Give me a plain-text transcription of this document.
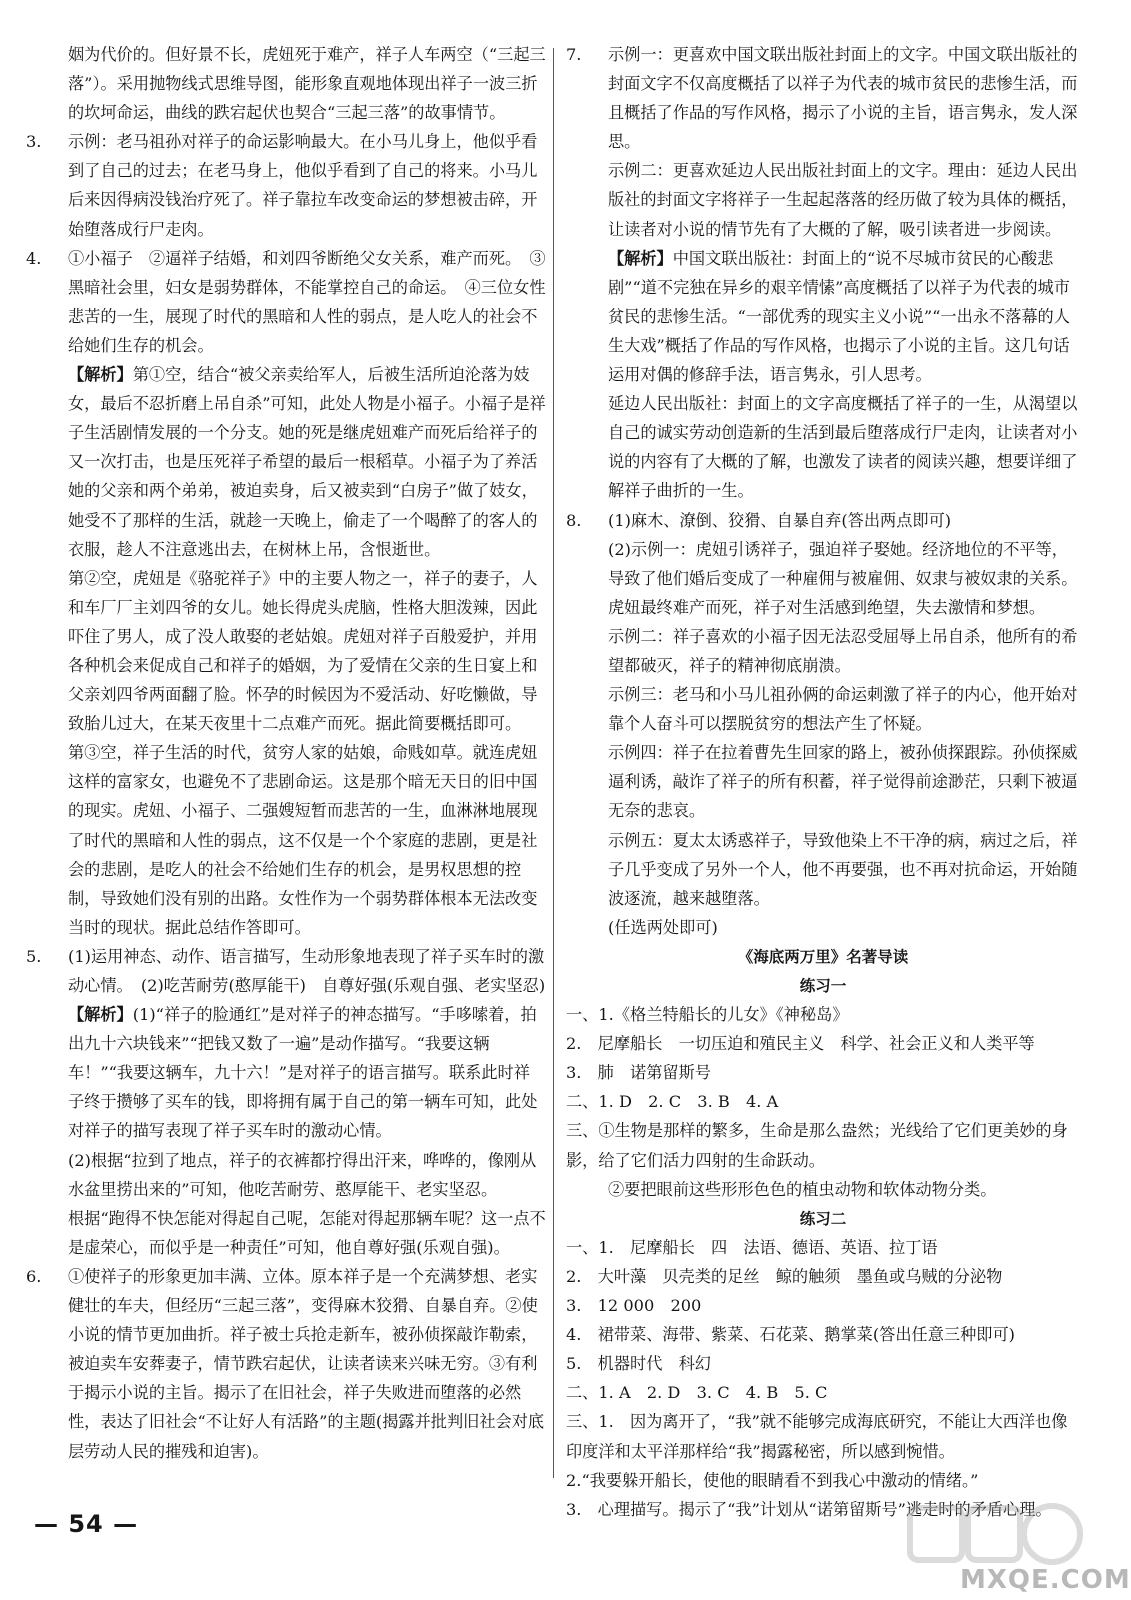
姻为代价的。但好景不长，虎妞死于难产，祥子人车两空（“三起三落”）。采用抛物线式思维导图，能形象直观地体现出祥子一波三折的坎坷命运，曲线的跌宕起伏也契合“三起三落”的故事情节。

3.	示例：老马祖孙对祥子的命运影响最大。在小马儿身上，他似乎看到了自己的过去；在老马身上，他似乎看到了自己的将来。小马儿后来因得病没钱治疗死了。祥子靠拉车改变命运的梦想被击碎，开始堕落成行尸走肉。
4.	①小福子　②逼祥子结婚，和刘四爷断绝父女关系，难产而死。　③黑暗社会里，妇女是弱势群体，不能掌控自己的命运。　④三位女性悲苦的一生，展现了时代的黑暗和人性的弱点，是人吃人的社会不给她们生存的机会。

【解析】第①空，结合“被父亲卖给军人，后被生活所迫沦落为妓女，最后不忍折磨上吊自杀”可知，此处人物是小福子。小福子是祥子生活剧情发展的一个分支。她的死是继虎妞难产而死后给祥子的又一次打击，也是压死祥子希望的最后一根稻草。小福子为了养活她的父亲和两个弟弟，被迫卖身，后又被卖到“白房子”做了妓女，她受不了那样的生活，就趁一天晚上，偷走了一个喝醉了的客人的衣服，趁人不注意逃出去，在树林上吊，含恨逝世。

第②空，虎妞是《骆驼祥子》中的主要人物之一，祥子的妻子，人和车厂厂主刘四爷的女儿。她长得虎头虎脑，性格大胆泼辣，因此吓住了男人，成了没人敢娶的老姑娘。虎妞对祥子百般爱护，并用各种机会来促成自己和祥子的婚姻，为了爱情在父亲的生日宴上和父亲刘四爷两面翻了脸。怀孕的时候因为不爱活动、好吃懒做，导致胎儿过大，在某天夜里十二点难产而死。据此简要概括即可。

第③空，祥子生活的时代，贫穷人家的姑娘，命贱如草。就连虎妞这样的富家女，也避免不了悲剧命运。这是那个暗无天日的旧中国的现实。虎妞、小福子、二强嫂短暂而悲苦的一生，血淋淋地展现了时代的黑暗和人性的弱点，这不仅是一个个家庭的悲剧，更是社会的悲剧，是吃人的社会不给她们生存的机会，是男权思想的控制，导致她们没有别的出路。女性作为一个弱势群体根本无法改变当时的现状。据此总结作答即可。

5.	(1)运用神态、动作、语言描写，生动形象地表现了祥子买车时的激动心情。　(2)吃苦耐劳(憨厚能干)　自尊好强(乐观自强、老实坚忍)

【解析】(1)“祥子的脸通红”是对祥子的神态描写。“手哆嗦着，拍出九十六块钱来”“把钱又数了一遍”是动作描写。“我要这辆车！”“我要这辆车，九十六！”是对祥子的语言描写。联系此时祥子终于攒够了买车的钱，即将拥有属于自己的第一辆车可知，此处对祥子的描写表现了祥子买车时的激动心情。

(2)根据“拉到了地点，祥子的衣裤都拧得出汗来，哗哗的，像刚从水盆里捞出来的”可知，他吃苦耐劳、憨厚能干、老实坚忍。

根据“跑得不快怎能对得起自己呢，怎能对得起那辆车呢？这一点不是虚荣心，而似乎是一种责任”可知，他自尊好强(乐观自强)。

6.	①使祥子的形象更加丰满、立体。原本祥子是一个充满梦想、老实健壮的车夫，但经历“三起三落”，变得麻木狡猾、自暴自弃。②使小说的情节更加曲折。祥子被士兵抢走新车，被孙侦探敲诈勒索，被迫卖车安葬妻子，情节跌宕起伏，让读者读来兴味无穷。③有利于揭示小说的主旨。揭示了在旧社会，祥子失败进而堕落的必然性，表达了旧社会“不让好人有活路”的主题(揭露并批判旧社会对底层劳动人民的摧残和迫害)。
7.	示例一：更喜欢中国文联出版社封面上的文字。中国文联出版社的封面文字不仅高度概括了以祥子为代表的城市贫民的悲惨生活，而且概括了作品的写作风格，揭示了小说的主旨，语言隽永，发人深思。

示例二：更喜欢延边人民出版社封面上的文字。理由：延边人民出版社的封面文字将祥子一生起起落落的经历做了较为具体的概括，让读者对小说的情节先有了大概的了解，吸引读者进一步阅读。

【解析】中国文联出版社：封面上的“说不尽城市贫民的心酸悲剧”“道不完独在异乡的艰辛情愫”高度概括了以祥子为代表的城市贫民的悲惨生活。“一部优秀的现实主义小说”“一出永不落幕的人生大戏”概括了作品的写作风格，也揭示了小说的主旨。这几句话运用对偶的修辞手法，语言隽永，引人思考。

延边人民出版社：封面上的文字高度概括了祥子的一生，从渴望以自己的诚实劳动创造新的生活到最后堕落成行尸走肉，让读者对小说的内容有了大概的了解，也激发了读者的阅读兴趣，想要详细了解祥子曲折的一生。

8.	(1)麻木、潦倒、狡猾、自暴自弃(答出两点即可)

(2)示例一：虎妞引诱祥子，强迫祥子娶她。经济地位的不平等，导致了他们婚后变成了一种雇佣与被雇佣、奴隶与被奴隶的关系。虎妞最终难产而死，祥子对生活感到绝望，失去激情和梦想。

示例二：祥子喜欢的小福子因无法忍受屈辱上吊自杀，他所有的希望都破灭，祥子的精神彻底崩溃。

示例三：老马和小马儿祖孙俩的命运刺激了祥子的内心，他开始对靠个人奋斗可以摆脱贫穷的想法产生了怀疑。

示例四：祥子在拉着曹先生回家的路上，被孙侦探跟踪。孙侦探威逼利诱，敲诈了祥子的所有积蓄，祥子觉得前途渺茫，只剩下被逼无奈的悲哀。

示例五：夏太太诱惑祥子，导致他染上不干净的病，病过之后，祥子几乎变成了另外一个人，他不再要强，也不再对抗命运，开始随波逐流，越来越堕落。

(任选两处即可)

《海底两万里》名著导读

练习一

一、1.《格兰特船长的儿女》《神秘岛》

2.　尼摩船长　一切压迫和殖民主义　科学、社会正义和人类平等

3.　肺　诺第留斯号

二、1. D　2. C　3. B　4. A

三、①生物是那样的繁多，生命是那么盎然；光线给了它们更美妙的身影，给了它们活力四射的生命跃动。

②要把眼前这些形形色色的植虫动物和软体动物分类。

练习二

一、1.　尼摩船长　四　法语、德语、英语、拉丁语

2.　大叶藻　贝壳类的足丝　鲸的触须　墨鱼或乌贼的分泌物

3.　12 000　200

4.　裙带菜、海带、紫菜、石花菜、鹅掌菜(答出任意三种即可)

5.　机器时代　科幻

二、1. A　2. D　3. C　4. B　5. C

三、1.　因为离开了，“我”就不能够完成海底研究，不能让大西洋也像印度洋和太平洋那样给“我”揭露秘密，所以感到惋惜。

2.“我要躲开船长，使他的眼睛看不到我心中激动的情绪。”

3.　心理描写。揭示了“我”计划从“诺第留斯号”逃走时的矛盾心理。

— 54 —
MXQE.COM
